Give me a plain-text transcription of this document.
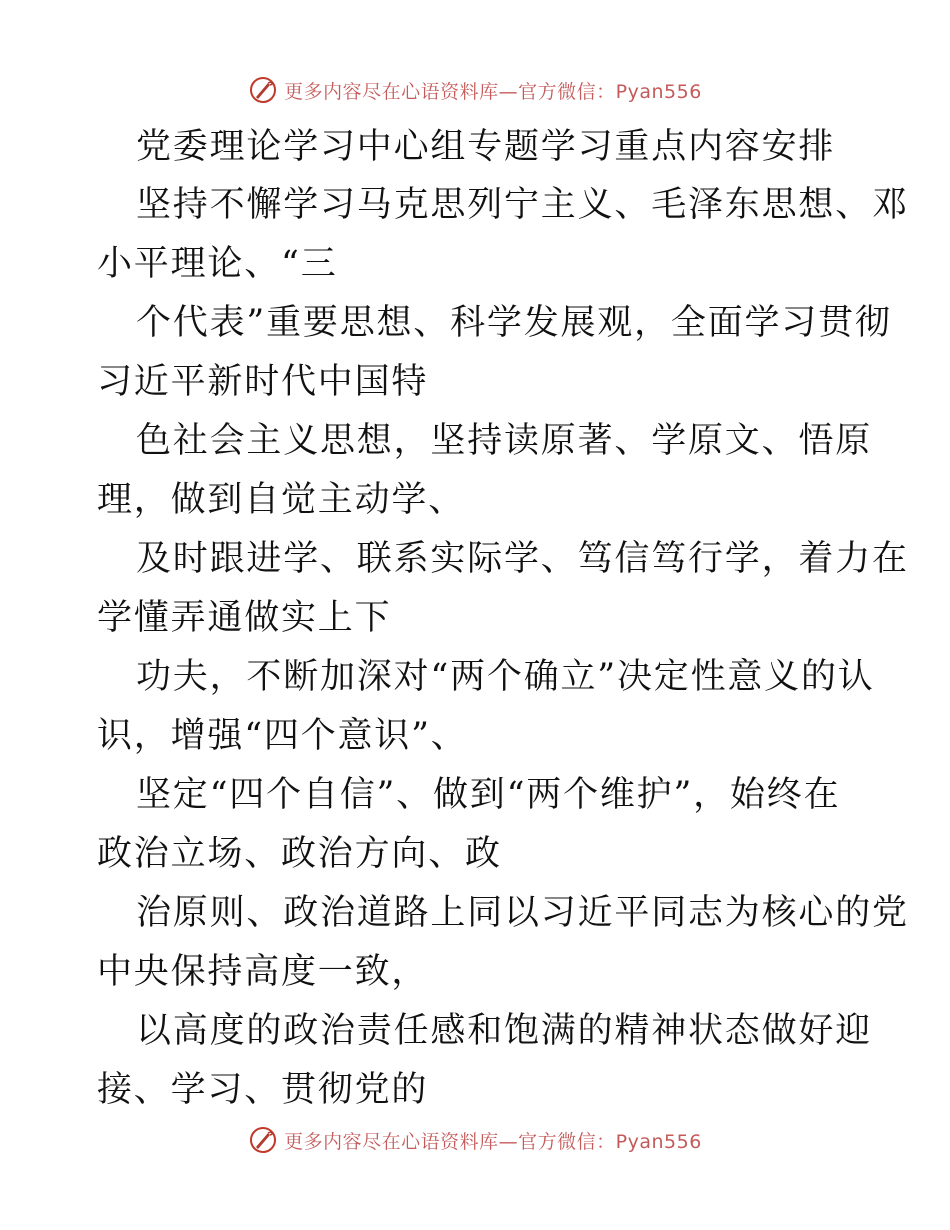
更多内容尽在心语资料库—官方微信：Pyan556
党委理论学习中心组专题学习重点内容安排
坚持不懈学习马克思列宁主义、毛泽东思想、邓
小平理论、“三
个代表”重要思想、科学发展观，全面学习贯彻
习近平新时代中国特
色社会主义思想，坚持读原著、学原文、悟原
理，做到自觉主动学、
及时跟进学、联系实际学、笃信笃行学，着力在
学懂弄通做实上下
功夫，不断加深对“两个确立”决定性意义的认
识，增强“四个意识”、
坚定“四个自信”、做到“两个维护”，始终在
政治立场、政治方向、政
治原则、政治道路上同以习近平同志为核心的党
中央保持高度一致，
以高度的政治责任感和饱满的精神状态做好迎
接、学习、贯彻党的
更多内容尽在心语资料库—官方微信：Pyan556
